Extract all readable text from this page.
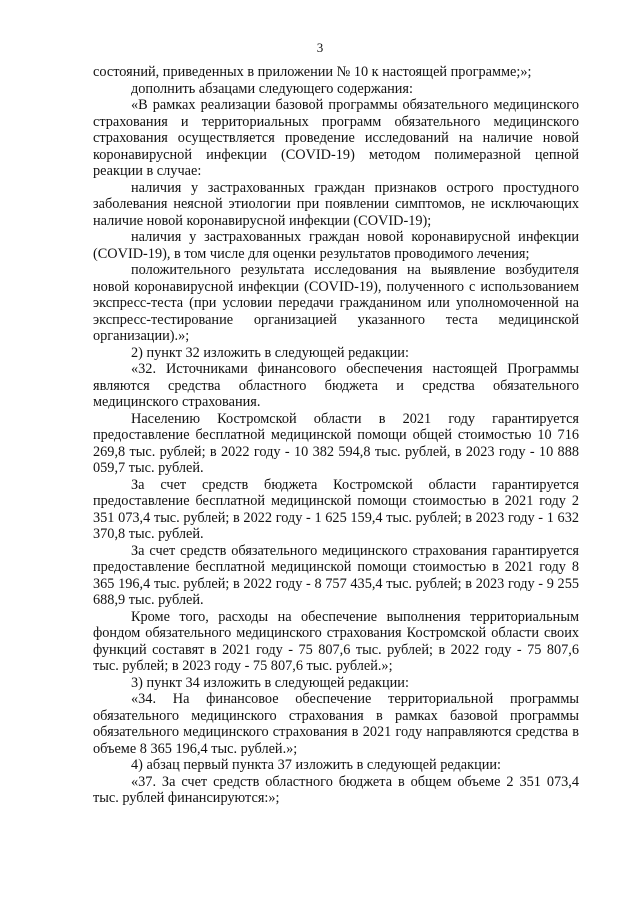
3

состояний, приведенных в приложении № 10 к настоящей программе;»;

дополнить абзацами следующего содержания:

«В рамках реализации базовой программы обязательного медицинского страхования и территориальных программ обязательного медицинского страхования осуществляется проведение исследований на наличие новой коронавирусной инфекции (COVID-19) методом полимеразной цепной реакции в случае:

наличия у застрахованных граждан признаков острого простудного заболевания неясной этиологии при появлении симптомов, не исключающих наличие новой коронавирусной инфекции (COVID-19);

наличия у застрахованных граждан новой коронавирусной инфекции (COVID-19), в том числе для оценки результатов проводимого лечения;

положительного результата исследования на выявление возбудителя новой коронавирусной инфекции (COVID-19), полученного с использованием экспресс-теста (при условии передачи гражданином или уполномоченной на экспресс-тестирование организацией указанного теста медицинской организации).»;

2) пункт 32 изложить в следующей редакции:

«32. Источниками финансового обеспечения настоящей Программы являются средства областного бюджета и средства обязательного медицинского страхования.

Населению Костромской области в 2021 году гарантируется предоставление бесплатной медицинской помощи общей стоимостью 10 716 269,8 тыс. рублей; в 2022 году - 10 382 594,8 тыс. рублей, в 2023 году - 10 888 059,7 тыс. рублей.

За счет средств бюджета Костромской области гарантируется предоставление бесплатной медицинской помощи стоимостью в 2021 году 2 351 073,4 тыс. рублей; в 2022 году - 1 625 159,4 тыс. рублей; в 2023 году - 1 632 370,8 тыс. рублей.

За счет средств обязательного медицинского страхования гарантируется предоставление бесплатной медицинской помощи стоимостью в 2021 году 8 365 196,4 тыс. рублей; в 2022 году - 8 757 435,4 тыс. рублей; в 2023 году - 9 255 688,9 тыс. рублей.

Кроме того, расходы на обеспечение выполнения территориальным фондом обязательного медицинского страхования Костромской области своих функций составят в 2021 году - 75 807,6 тыс. рублей; в 2022 году - 75 807,6 тыс. рублей; в 2023 году - 75 807,6 тыс. рублей.»;

3) пункт 34 изложить в следующей редакции:

«34. На финансовое обеспечение территориальной программы обязательного медицинского страхования в рамках базовой программы обязательного медицинского страхования в 2021 году направляются средства в объеме 8 365 196,4 тыс. рублей.»;

4) абзац первый пункта 37 изложить в следующей редакции:

«37. За счет средств областного бюджета в общем объеме 2 351 073,4 тыс. рублей финансируются:»;
